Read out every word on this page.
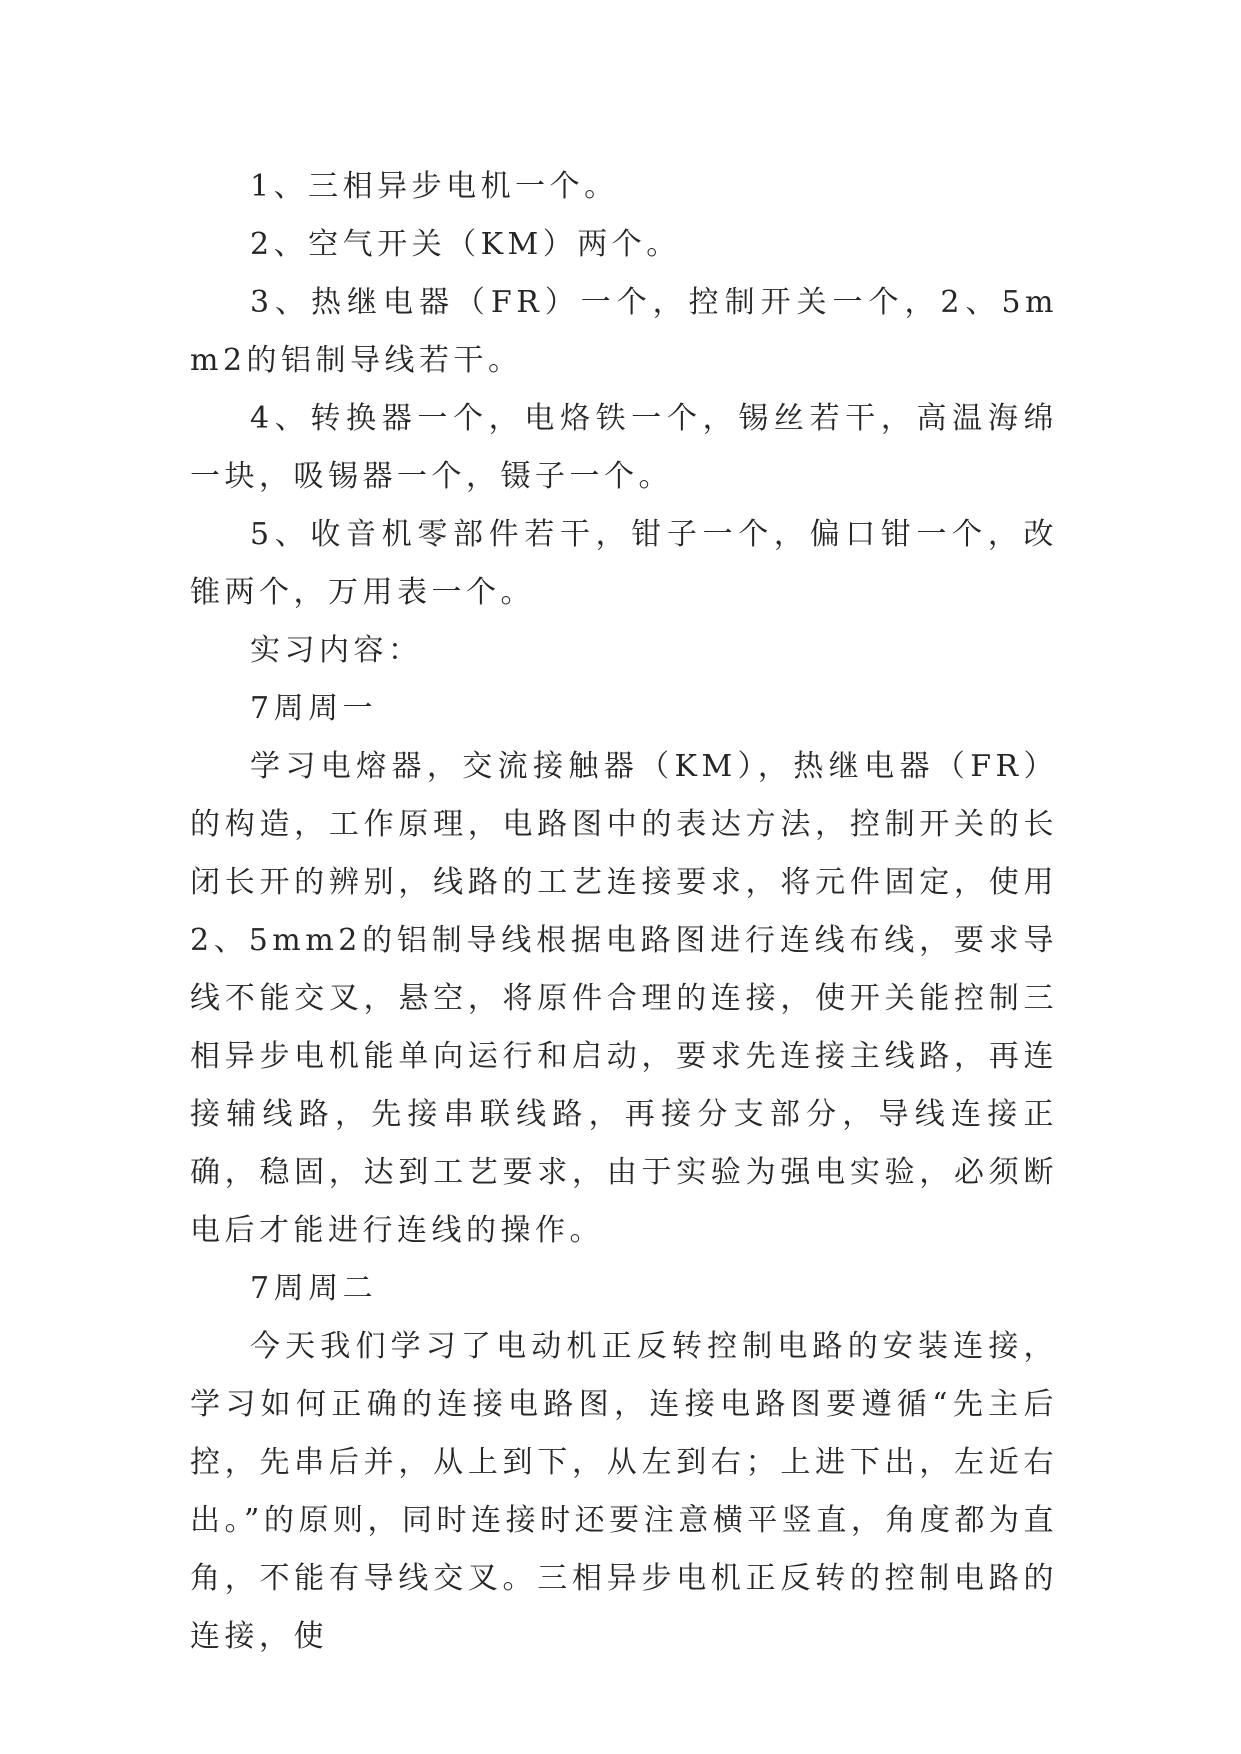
1、三相异步电机一个。

2、空气开关（KM）两个。

3、热继电器（FR）一个，控制开关一个，2、5mm2的铝制导线若干。

4、转换器一个，电烙铁一个，锡丝若干，高温海绵一块，吸锡器一个，镊子一个。

5、收音机零部件若干，钳子一个，偏口钳一个，改锥两个，万用表一个。

实习内容：

7周周一

学习电熔器，交流接触器（KM），热继电器（FR）的构造，工作原理，电路图中的表达方法，控制开关的长闭长开的辨别，线路的工艺连接要求，将元件固定，使用2、5mm2的铝制导线根据电路图进行连线布线，要求导线不能交叉，悬空，将原件合理的连接，使开关能控制三相异步电机能单向运行和启动，要求先连接主线路，再连接辅线路，先接串联线路，再接分支部分，导线连接正确，稳固，达到工艺要求，由于实验为强电实验，必须断电后才能进行连线的操作。

7周周二

今天我们学习了电动机正反转控制电路的安装连接，学习如何正确的连接电路图，连接电路图要遵循“先主后控，先串后并，从上到下，从左到右；上进下出，左近右出。”的原则，同时连接时还要注意横平竖直，角度都为直角，不能有导线交叉。三相异步电机正反转的控制电路的连接，使
